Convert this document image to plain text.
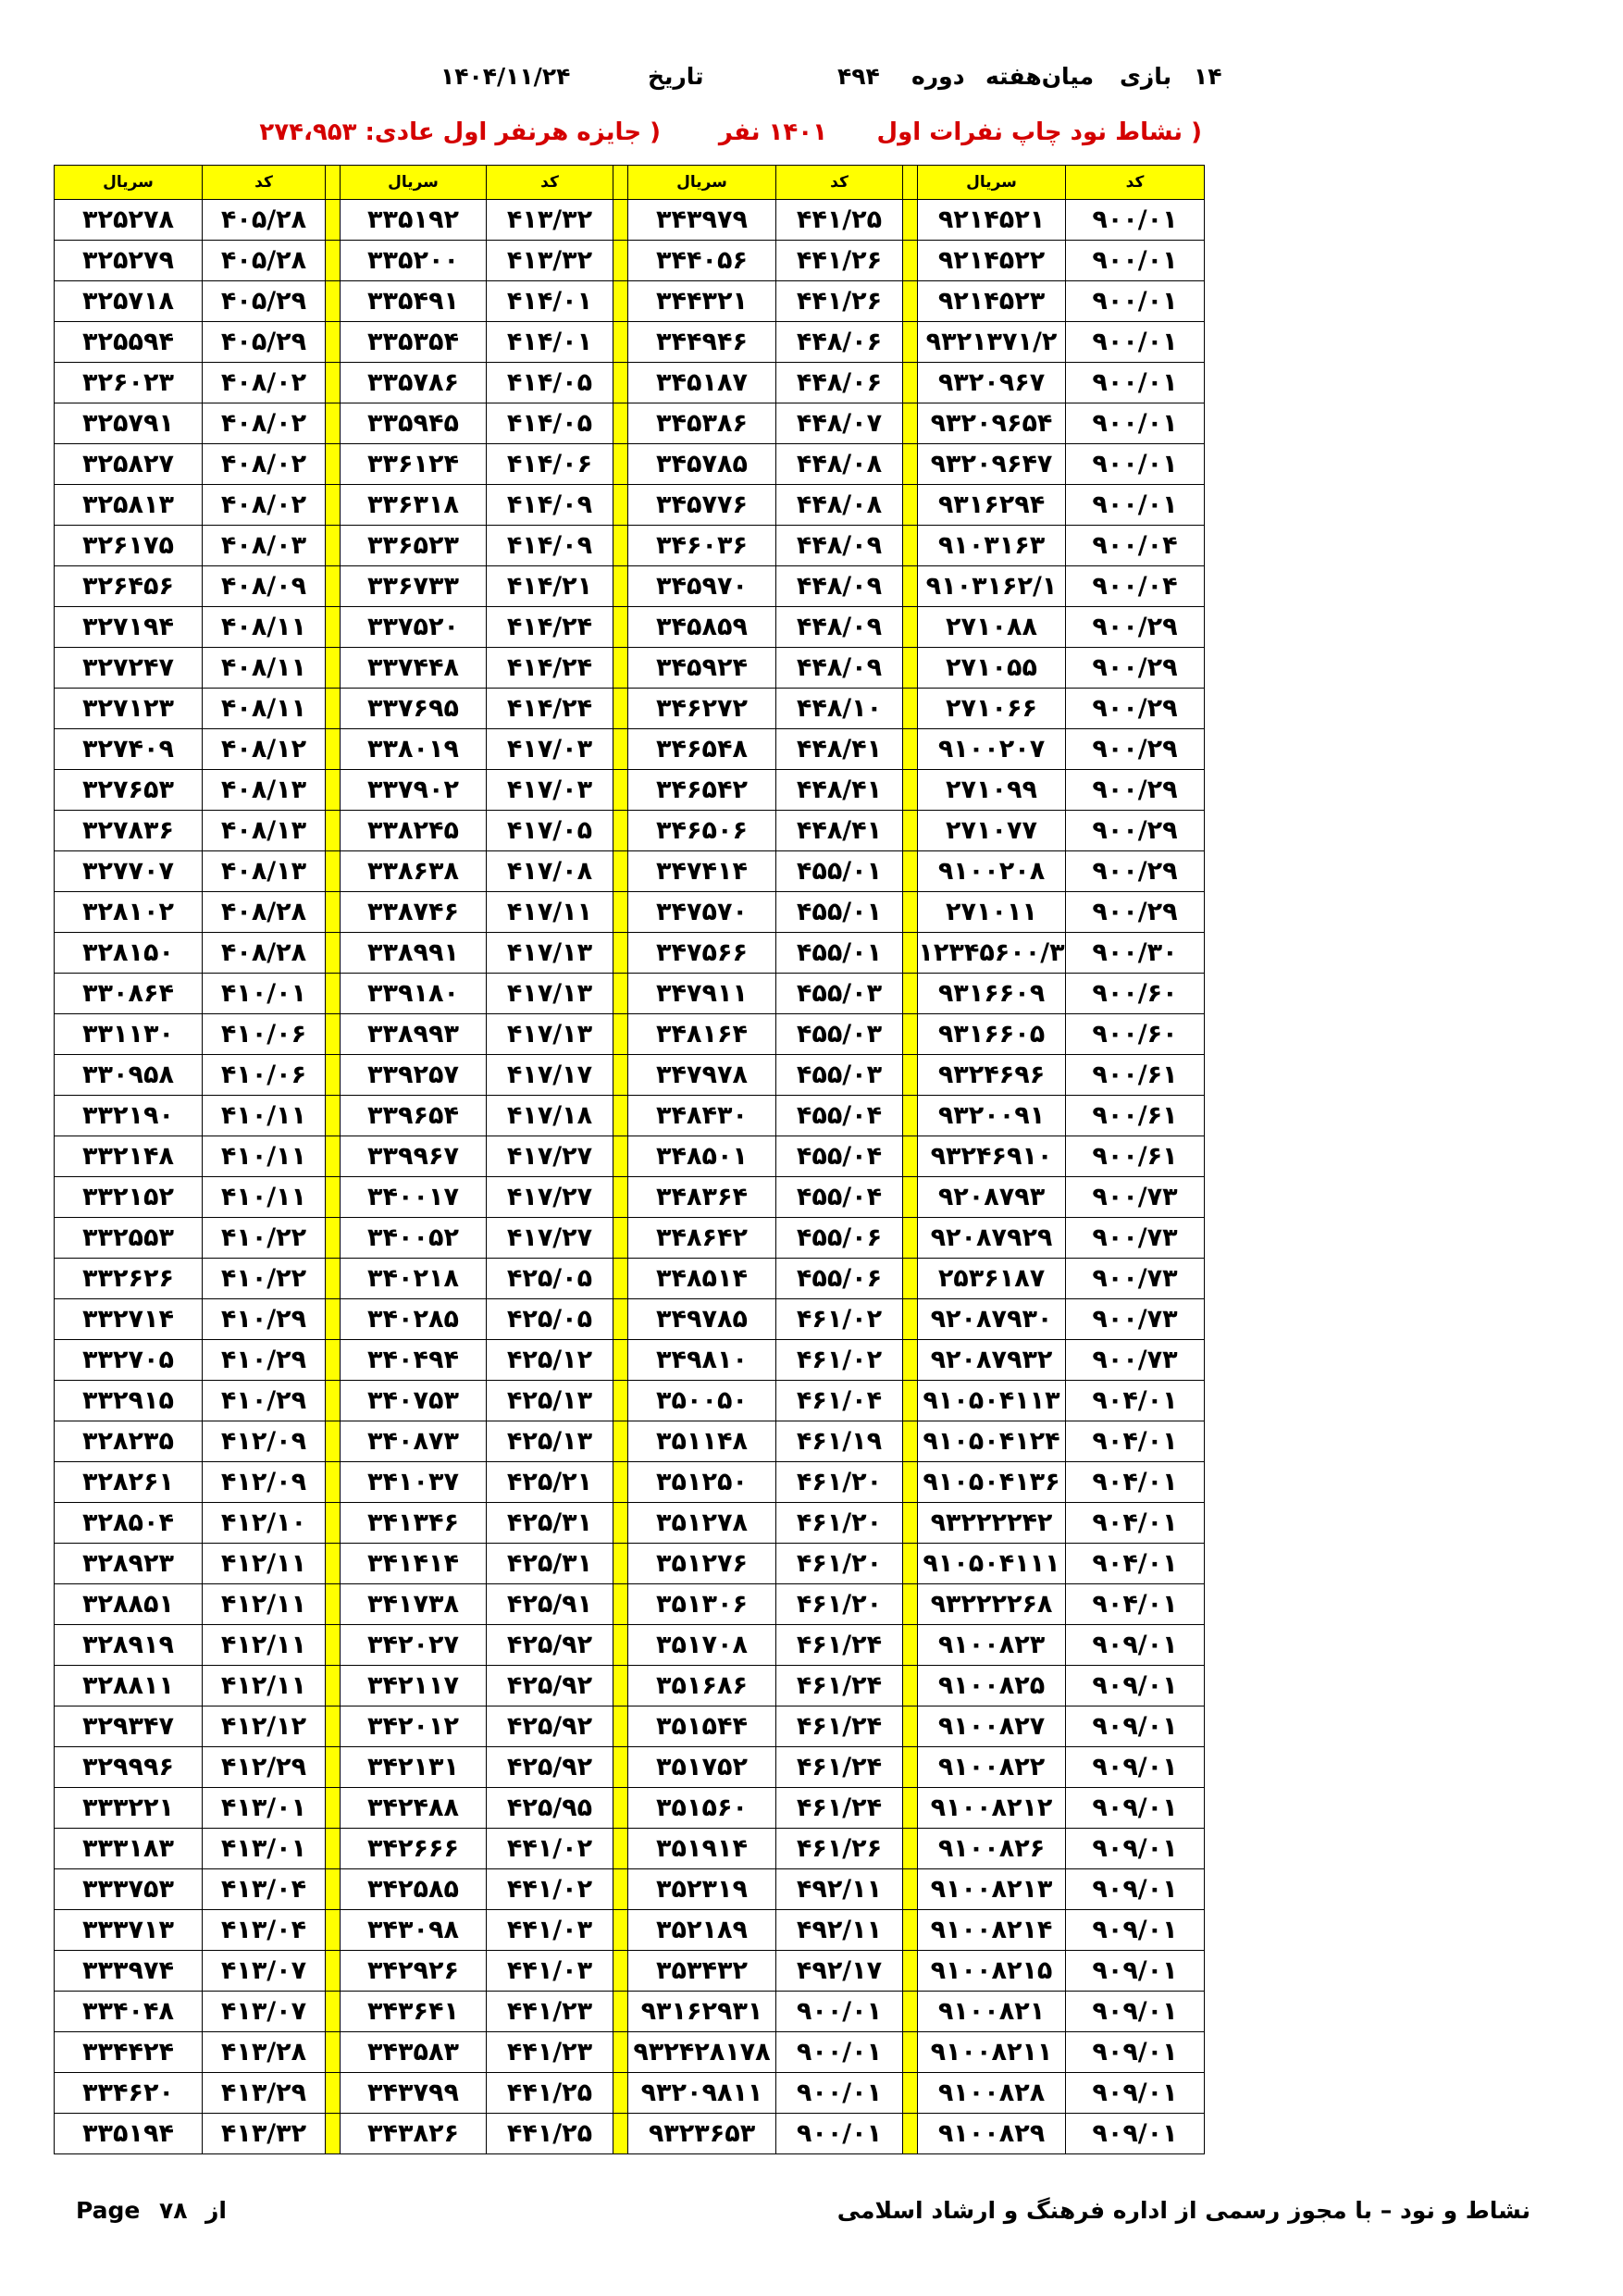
۱۴
بازی
میان‌هفته
دوره
۴۹۴
تاریخ
۱۴۰۴/۱۱/۲۴
( نشاط نود چاپ نفرات اول
۱۴۰۱ نفر
( جایزه هرنفر اول عادی: ۲۷۴،۹۵۳
کد	سریال		کد	سریال		کد	سریال		کد	سریال
۹۰۰/۰۱	۹۲۱۴۵۲۱		۴۴۱/۲۵	۳۴۳۹۷۹		۴۱۳/۳۲	۳۳۵۱۹۲		۴۰۵/۲۸	۳۲۵۲۷۸
۹۰۰/۰۱	۹۲۱۴۵۲۲		۴۴۱/۲۶	۳۴۴۰۵۶		۴۱۳/۳۲	۳۳۵۲۰۰		۴۰۵/۲۸	۳۲۵۲۷۹
۹۰۰/۰۱	۹۲۱۴۵۲۳		۴۴۱/۲۶	۳۴۴۳۲۱		۴۱۴/۰۱	۳۳۵۴۹۱		۴۰۵/۲۹	۳۲۵۷۱۸
۹۰۰/۰۱	۹۳۲۱۳۷۱/۲		۴۴۸/۰۶	۳۴۴۹۴۶		۴۱۴/۰۱	۳۳۵۳۵۴		۴۰۵/۲۹	۳۲۵۵۹۴
۹۰۰/۰۱	۹۳۲۰۹۶۷		۴۴۸/۰۶	۳۴۵۱۸۷		۴۱۴/۰۵	۳۳۵۷۸۶		۴۰۸/۰۲	۳۲۶۰۲۳
۹۰۰/۰۱	۹۳۲۰۹۶۵۴		۴۴۸/۰۷	۳۴۵۳۸۶		۴۱۴/۰۵	۳۳۵۹۴۵		۴۰۸/۰۲	۳۲۵۷۹۱
۹۰۰/۰۱	۹۳۲۰۹۶۴۷		۴۴۸/۰۸	۳۴۵۷۸۵		۴۱۴/۰۶	۳۳۶۱۲۴		۴۰۸/۰۲	۳۲۵۸۲۷
۹۰۰/۰۱	۹۳۱۶۲۹۴		۴۴۸/۰۸	۳۴۵۷۷۶		۴۱۴/۰۹	۳۳۶۳۱۸		۴۰۸/۰۲	۳۲۵۸۱۳
۹۰۰/۰۴	۹۱۰۳۱۶۳		۴۴۸/۰۹	۳۴۶۰۳۶		۴۱۴/۰۹	۳۳۶۵۲۳		۴۰۸/۰۳	۳۲۶۱۷۵
۹۰۰/۰۴	۹۱۰۳۱۶۲/۱		۴۴۸/۰۹	۳۴۵۹۷۰		۴۱۴/۲۱	۳۳۶۷۳۳		۴۰۸/۰۹	۳۲۶۴۵۶
۹۰۰/۲۹	۲۷۱۰۸۸		۴۴۸/۰۹	۳۴۵۸۵۹		۴۱۴/۲۴	۳۳۷۵۲۰		۴۰۸/۱۱	۳۲۷۱۹۴
۹۰۰/۲۹	۲۷۱۰۵۵		۴۴۸/۰۹	۳۴۵۹۲۴		۴۱۴/۲۴	۳۳۷۴۴۸		۴۰۸/۱۱	۳۲۷۲۴۷
۹۰۰/۲۹	۲۷۱۰۶۶		۴۴۸/۱۰	۳۴۶۲۷۲		۴۱۴/۲۴	۳۳۷۶۹۵		۴۰۸/۱۱	۳۲۷۱۲۳
۹۰۰/۲۹	۹۱۰۰۲۰۷		۴۴۸/۴۱	۳۴۶۵۴۸		۴۱۷/۰۳	۳۳۸۰۱۹		۴۰۸/۱۲	۳۲۷۴۰۹
۹۰۰/۲۹	۲۷۱۰۹۹		۴۴۸/۴۱	۳۴۶۵۴۲		۴۱۷/۰۳	۳۳۷۹۰۲		۴۰۸/۱۳	۳۲۷۶۵۳
۹۰۰/۲۹	۲۷۱۰۷۷		۴۴۸/۴۱	۳۴۶۵۰۶		۴۱۷/۰۵	۳۳۸۲۴۵		۴۰۸/۱۳	۳۲۷۸۳۶
۹۰۰/۲۹	۹۱۰۰۲۰۸		۴۵۵/۰۱	۳۴۷۴۱۴		۴۱۷/۰۸	۳۳۸۶۳۸		۴۰۸/۱۳	۳۲۷۷۰۷
۹۰۰/۲۹	۲۷۱۰۱۱		۴۵۵/۰۱	۳۴۷۵۷۰		۴۱۷/۱۱	۳۳۸۷۴۶		۴۰۸/۲۸	۳۲۸۱۰۲
۹۰۰/۳۰	۱۲۳۴۵۶۰۰/۳		۴۵۵/۰۱	۳۴۷۵۶۶		۴۱۷/۱۳	۳۳۸۹۹۱		۴۰۸/۲۸	۳۲۸۱۵۰
۹۰۰/۶۰	۹۳۱۶۶۰۹		۴۵۵/۰۳	۳۴۷۹۱۱		۴۱۷/۱۳	۳۳۹۱۸۰		۴۱۰/۰۱	۳۳۰۸۶۴
۹۰۰/۶۰	۹۳۱۶۶۰۵		۴۵۵/۰۳	۳۴۸۱۶۴		۴۱۷/۱۳	۳۳۸۹۹۳		۴۱۰/۰۶	۳۳۱۱۳۰
۹۰۰/۶۱	۹۳۲۴۶۹۶		۴۵۵/۰۳	۳۴۷۹۷۸		۴۱۷/۱۷	۳۳۹۲۵۷		۴۱۰/۰۶	۳۳۰۹۵۸
۹۰۰/۶۱	۹۳۲۰۰۹۱		۴۵۵/۰۴	۳۴۸۴۳۰		۴۱۷/۱۸	۳۳۹۶۵۴		۴۱۰/۱۱	۳۳۲۱۹۰
۹۰۰/۶۱	۹۳۲۴۶۹۱۰		۴۵۵/۰۴	۳۴۸۵۰۱		۴۱۷/۲۷	۳۳۹۹۶۷		۴۱۰/۱۱	۳۳۲۱۴۸
۹۰۰/۷۳	۹۲۰۸۷۹۳		۴۵۵/۰۴	۳۴۸۳۶۴		۴۱۷/۲۷	۳۴۰۰۱۷		۴۱۰/۱۱	۳۳۲۱۵۲
۹۰۰/۷۳	۹۲۰۸۷۹۲۹		۴۵۵/۰۶	۳۴۸۶۴۲		۴۱۷/۲۷	۳۴۰۰۵۲		۴۱۰/۲۲	۳۳۲۵۵۳
۹۰۰/۷۳	۲۵۳۶۱۸۷		۴۵۵/۰۶	۳۴۸۵۱۴		۴۲۵/۰۵	۳۴۰۲۱۸		۴۱۰/۲۲	۳۳۲۶۲۶
۹۰۰/۷۳	۹۲۰۸۷۹۳۰		۴۶۱/۰۲	۳۴۹۷۸۵		۴۲۵/۰۵	۳۴۰۲۸۵		۴۱۰/۲۹	۳۳۲۷۱۴
۹۰۰/۷۳	۹۲۰۸۷۹۳۲		۴۶۱/۰۲	۳۴۹۸۱۰		۴۲۵/۱۲	۳۴۰۴۹۴		۴۱۰/۲۹	۳۳۲۷۰۵
۹۰۴/۰۱	۹۱۰۵۰۴۱۱۳		۴۶۱/۰۴	۳۵۰۰۵۰		۴۲۵/۱۳	۳۴۰۷۵۳		۴۱۰/۲۹	۳۳۲۹۱۵
۹۰۴/۰۱	۹۱۰۵۰۴۱۲۴		۴۶۱/۱۹	۳۵۱۱۴۸		۴۲۵/۱۳	۳۴۰۸۷۳		۴۱۲/۰۹	۳۲۸۲۳۵
۹۰۴/۰۱	۹۱۰۵۰۴۱۳۶		۴۶۱/۲۰	۳۵۱۲۵۰		۴۲۵/۲۱	۳۴۱۰۳۷		۴۱۲/۰۹	۳۲۸۲۶۱
۹۰۴/۰۱	۹۳۲۲۲۲۴۲		۴۶۱/۲۰	۳۵۱۲۷۸		۴۲۵/۳۱	۳۴۱۳۴۶		۴۱۲/۱۰	۳۲۸۵۰۴
۹۰۴/۰۱	۹۱۰۵۰۴۱۱۱		۴۶۱/۲۰	۳۵۱۲۷۶		۴۲۵/۳۱	۳۴۱۴۱۴		۴۱۲/۱۱	۳۲۸۹۲۳
۹۰۴/۰۱	۹۳۲۲۲۲۶۸		۴۶۱/۲۰	۳۵۱۳۰۶		۴۲۵/۹۱	۳۴۱۷۳۸		۴۱۲/۱۱	۳۲۸۸۵۱
۹۰۹/۰۱	۹۱۰۰۸۲۳		۴۶۱/۲۴	۳۵۱۷۰۸		۴۲۵/۹۲	۳۴۲۰۲۷		۴۱۲/۱۱	۳۲۸۹۱۹
۹۰۹/۰۱	۹۱۰۰۸۲۵		۴۶۱/۲۴	۳۵۱۶۸۶		۴۲۵/۹۲	۳۴۲۱۱۷		۴۱۲/۱۱	۳۲۸۸۱۱
۹۰۹/۰۱	۹۱۰۰۸۲۷		۴۶۱/۲۴	۳۵۱۵۴۴		۴۲۵/۹۲	۳۴۲۰۱۲		۴۱۲/۱۲	۳۲۹۳۴۷
۹۰۹/۰۱	۹۱۰۰۸۲۲		۴۶۱/۲۴	۳۵۱۷۵۲		۴۲۵/۹۲	۳۴۲۱۳۱		۴۱۲/۲۹	۳۲۹۹۹۶
۹۰۹/۰۱	۹۱۰۰۸۲۱۲		۴۶۱/۲۴	۳۵۱۵۶۰		۴۲۵/۹۵	۳۴۲۴۸۸		۴۱۳/۰۱	۳۳۳۲۲۱
۹۰۹/۰۱	۹۱۰۰۸۲۶		۴۶۱/۲۶	۳۵۱۹۱۴		۴۴۱/۰۲	۳۴۲۶۶۶		۴۱۳/۰۱	۳۳۳۱۸۳
۹۰۹/۰۱	۹۱۰۰۸۲۱۳		۴۹۲/۱۱	۳۵۲۳۱۹		۴۴۱/۰۲	۳۴۲۵۸۵		۴۱۳/۰۴	۳۳۳۷۵۳
۹۰۹/۰۱	۹۱۰۰۸۲۱۴		۴۹۲/۱۱	۳۵۲۱۸۹		۴۴۱/۰۳	۳۴۳۰۹۸		۴۱۳/۰۴	۳۳۳۷۱۳
۹۰۹/۰۱	۹۱۰۰۸۲۱۵		۴۹۲/۱۷	۳۵۳۴۳۲		۴۴۱/۰۳	۳۴۲۹۲۶		۴۱۳/۰۷	۳۳۳۹۷۴
۹۰۹/۰۱	۹۱۰۰۸۲۱		۹۰۰/۰۱	۹۳۱۶۲۹۳۱		۴۴۱/۲۳	۳۴۳۶۴۱		۴۱۳/۰۷	۳۳۴۰۴۸
۹۰۹/۰۱	۹۱۰۰۸۲۱۱		۹۰۰/۰۱	۹۳۲۴۲۸۱۷۸		۴۴۱/۲۳	۳۴۳۵۸۳		۴۱۳/۲۸	۳۳۴۴۲۴
۹۰۹/۰۱	۹۱۰۰۸۲۸		۹۰۰/۰۱	۹۳۲۰۹۸۱۱		۴۴۱/۲۵	۳۴۳۷۹۹		۴۱۳/۲۹	۳۳۴۶۲۰
۹۰۹/۰۱	۹۱۰۰۸۲۹		۹۰۰/۰۱	۹۳۲۳۶۵۳		۴۴۱/۲۵	۳۴۳۸۲۶		۴۱۳/۳۲	۳۳۵۱۹۴
Page ۷۸ از	نشاط و نود – با مجوز رسمی از اداره فرهنگ و ارشاد اسلامی
